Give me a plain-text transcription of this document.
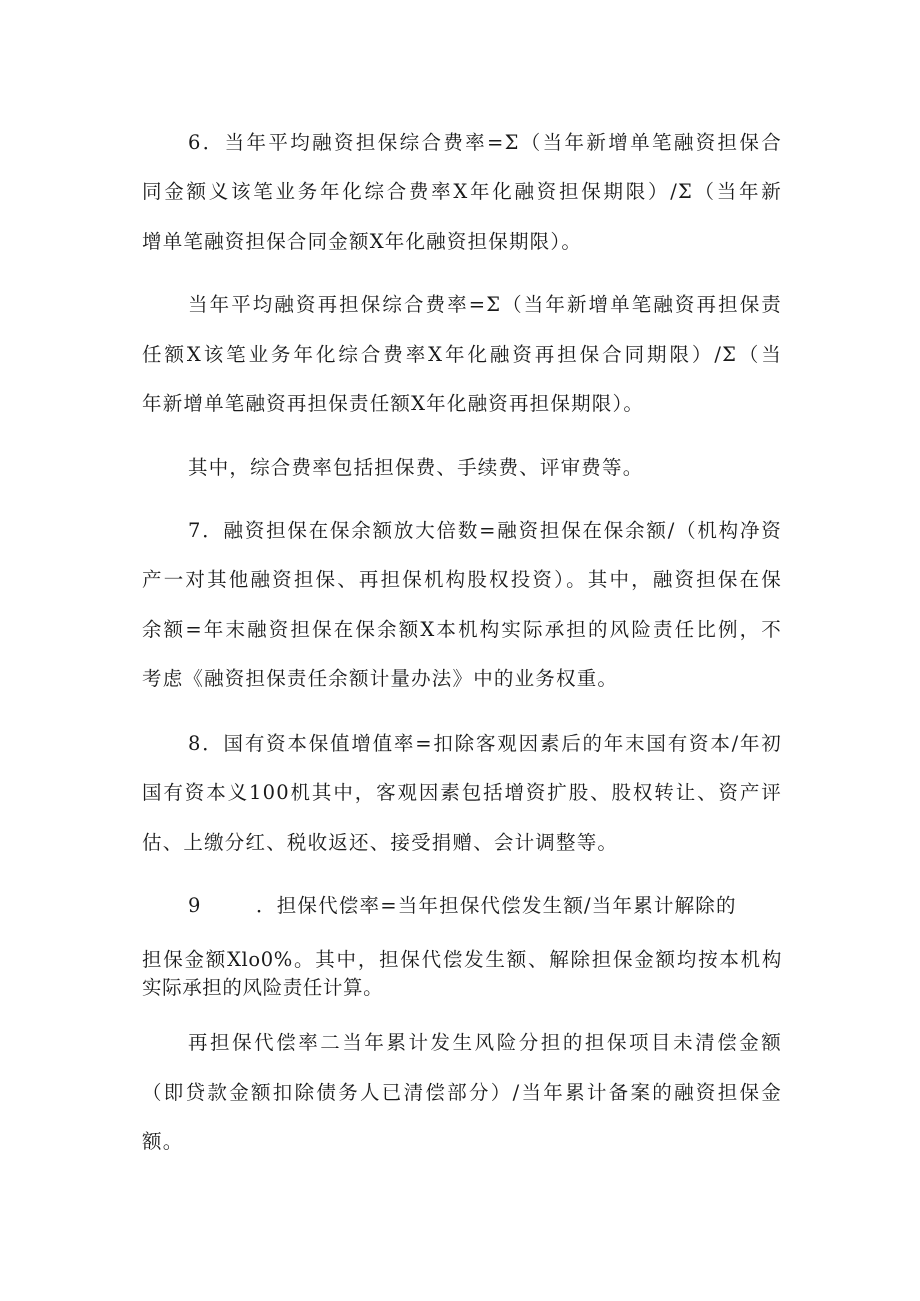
6．当年平均融资担保综合费率=Σ（当年新增单笔融资担保合
同金额义该笔业务年化综合费率X年化融资担保期限）/Σ（当年新
增单笔融资担保合同金额X年化融资担保期限）。
当年平均融资再担保综合费率=Σ（当年新增单笔融资再担保责
任额X该笔业务年化综合费率X年化融资再担保合同期限）/Σ（当
年新增单笔融资再担保责任额X年化融资再担保期限）。
其中，综合费率包括担保费、手续费、评审费等。
7．融资担保在保余额放大倍数=融资担保在保余额/（机构净资
产一对其他融资担保、再担保机构股权投资）。其中，融资担保在保
余额=年末融资担保在保余额X本机构实际承担的风险责任比例，不
考虑《融资担保责任余额计量办法》中的业务权重。
8．国有资本保值增值率=扣除客观因素后的年末国有资本/年初
国有资本义100机其中，客观因素包括增资扩股、股权转让、资产评
估、上缴分红、税收返还、接受捐赠、会计调整等。
9	．担保代偿率=当年担保代偿发生额/当年累计解除的
担保金额Xlo0%。其中，担保代偿发生额、解除担保金额均按本机构
实际承担的风险责任计算。
再担保代偿率二当年累计发生风险分担的担保项目未清偿金额
（即贷款金额扣除债务人已清偿部分）/当年累计备案的融资担保金
额。
